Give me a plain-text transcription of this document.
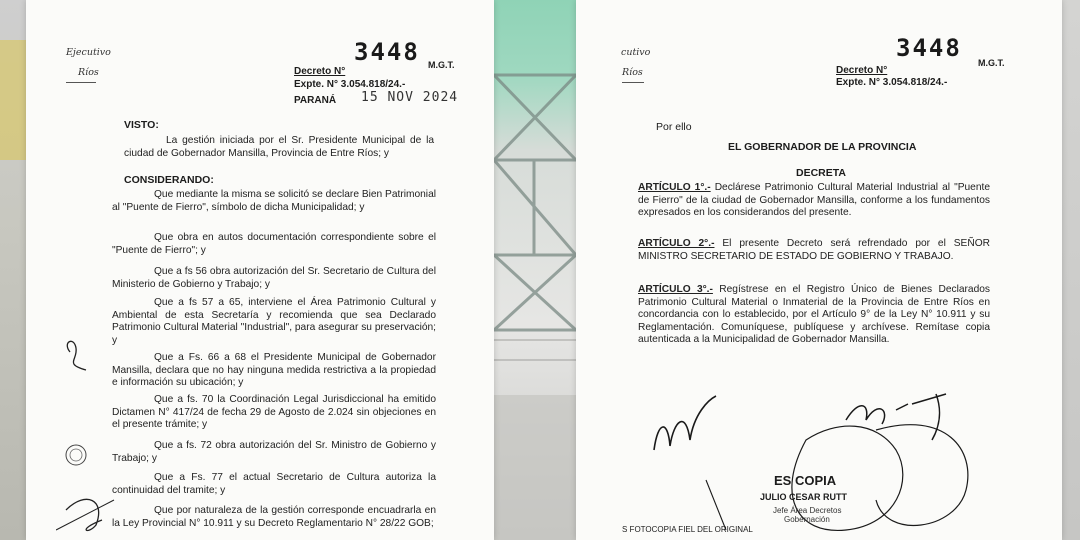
Ejecutivo
Ríos
3448
Decreto N°
M.G.T.
Expte. N° 3.054.818/24.-
PARANÁ 15 NOV 2024
VISTO:

La gestión iniciada por el Sr. Presidente Municipal de la ciudad de Gobernador Mansilla, Provincia de Entre Ríos; y

CONSIDERANDO:

Que mediante la misma se solicitó se declare Bien Patrimonial al "Puente de Fierro", símbolo de dicha Municipalidad; y

Que obra en autos documentación correspondiente sobre el "Puente de Fierro"; y

Que a fs 56 obra autorización del Sr. Secretario de Cultura del Ministerio de Gobierno y Trabajo; y

Que a fs 57 a 65, interviene el Área Patrimonio Cultural y Ambiental de esta Secretaría y recomienda que sea Declarado Patrimonio Cultural Material "Industrial", para asegurar su preservación; y

Que a Fs. 66 a 68 el Presidente Municipal de Gobernador Mansilla, declara que no hay ninguna medida restrictiva a la propiedad e información su ubicación; y

Que a fs. 70 la Coordinación Legal Jurisdiccional ha emitido Dictamen N° 417/24 de fecha 29 de Agosto de 2.024 sin objeciones en el presente trámite; y

Que a fs. 72 obra autorización del Sr. Ministro de Gobierno y Trabajo; y

Que a Fs. 77 el actual Secretario de Cultura autoriza la continuidad del tramite; y

Que por naturaleza de la gestión corresponde encuadrarla en la Ley Provincial N° 10.911 y su Decreto Reglamentario N° 28/22 GOB;

cutivo
Ríos
3448
Decreto N°
M.G.T.
Expte. N° 3.054.818/24.-
Por ello
EL GOBERNADOR DE LA PROVINCIA
DECRETA
ARTÍCULO 1°.- Declárese Patrimonio Cultural Material Industrial al "Puente de Fierro" de la ciudad de Gobernador Mansilla, conforme a los fundamentos expresados en los considerandos del presente.
ARTÍCULO 2°.- El presente Decreto será refrendado por el SEÑOR MINISTRO SECRETARIO DE ESTADO DE GOBIERNO Y TRABAJO.
ARTÍCULO 3°.- Regístrese en el Registro Único de Bienes Declarados Patrimonio Cultural Material o Inmaterial de la Provincia de Entre Ríos en concordancia con lo establecido, por el Artículo 9° de la Ley N° 10.911 y su Reglamentación. Comuníquese, publíquese y archívese. Remítase copia autenticada a la Municipalidad de Gobernador Mansilla.
ES COPIA
JULIO CESAR RUTT
Jefe Área Decretos
Gobernación
S FOTOCOPIA FIEL DEL ORIGINAL
